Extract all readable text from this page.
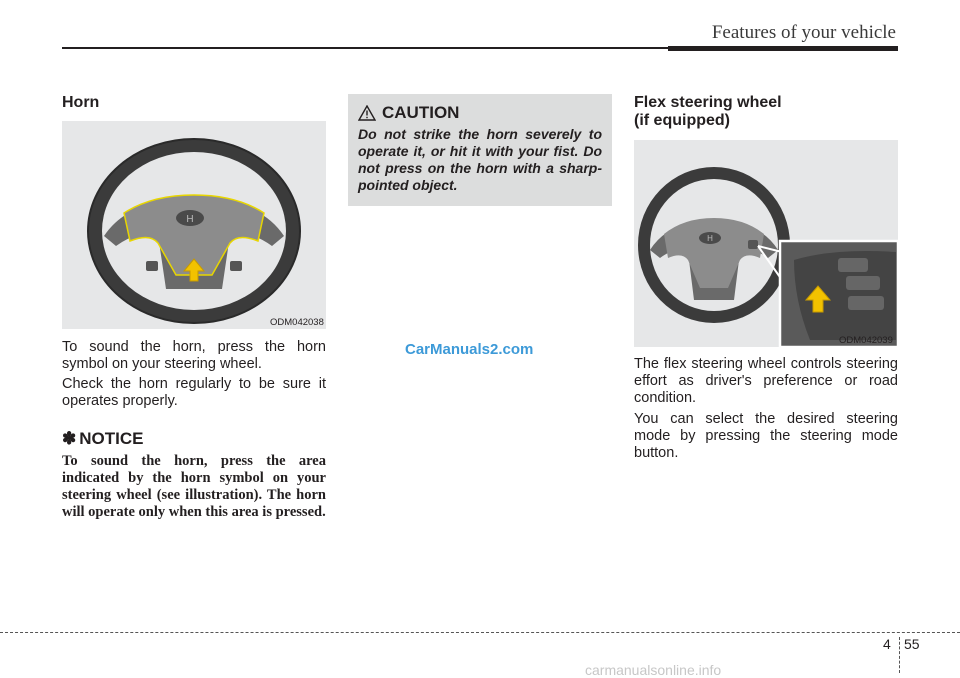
Features of your vehicle
Horn
H
ODM042038
To sound the horn, press the horn symbol on your steering wheel.
Check the horn regularly to be sure it operates properly.
✽ NOTICE
To sound the horn, press the area indicated by the horn symbol on your steering wheel (see illustration). The horn will operate only when this area is pressed.
CAUTION
Do not strike the horn severely to operate it, or hit it with your fist. Do not press on the horn with a sharp-pointed object.
CarManuals2.com
Flex steering wheel
(if equipped)
H
ODM042039
The flex steering wheel controls steering effort as driver's preference or road condition.
You can select the desired steering mode by pressing the steering mode button.
4 55
carmanualsonline.info
